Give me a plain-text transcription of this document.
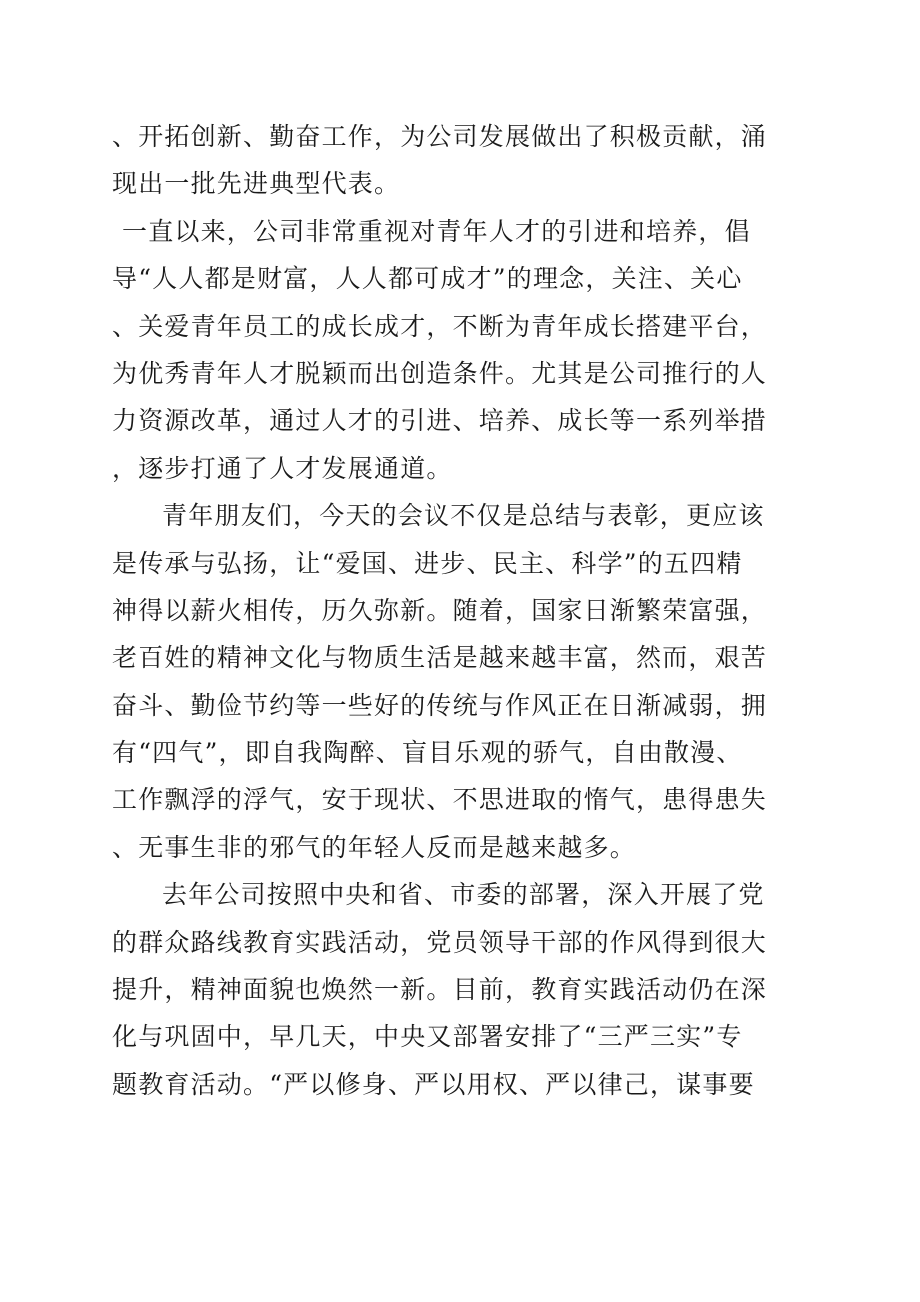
、开拓创新、勤奋工作，为公司发展做出了积极贡献，涌
现出一批先进典型代表。
一直以来，公司非常重视对青年人才的引进和培养，倡
导“人人都是财富，人人都可成才”的理念，关注、关心
、关爱青年员工的成长成才，不断为青年成长搭建平台，
为优秀青年人才脱颖而出创造条件。尤其是公司推行的人
力资源改革，通过人才的引进、培养、成长等一系列举措
，逐步打通了人才发展通道。
青年朋友们，今天的会议不仅是总结与表彰，更应该
是传承与弘扬，让“爱国、进步、民主、科学”的五四精
神得以薪火相传，历久弥新。随着，国家日渐繁荣富强，
老百姓的精神文化与物质生活是越来越丰富，然而，艰苦
奋斗、勤俭节约等一些好的传统与作风正在日渐减弱，拥
有“四气”，即自我陶醉、盲目乐观的骄气，自由散漫、
工作飘浮的浮气，安于现状、不思进取的惰气，患得患失
、无事生非的邪气的年轻人反而是越来越多。
去年公司按照中央和省、市委的部署，深入开展了党
的群众路线教育实践活动，党员领导干部的作风得到很大
提升，精神面貌也焕然一新。目前，教育实践活动仍在深
化与巩固中，早几天，中央又部署安排了“三严三实”专
题教育活动。“严以修身、严以用权、严以律己，谋事要
